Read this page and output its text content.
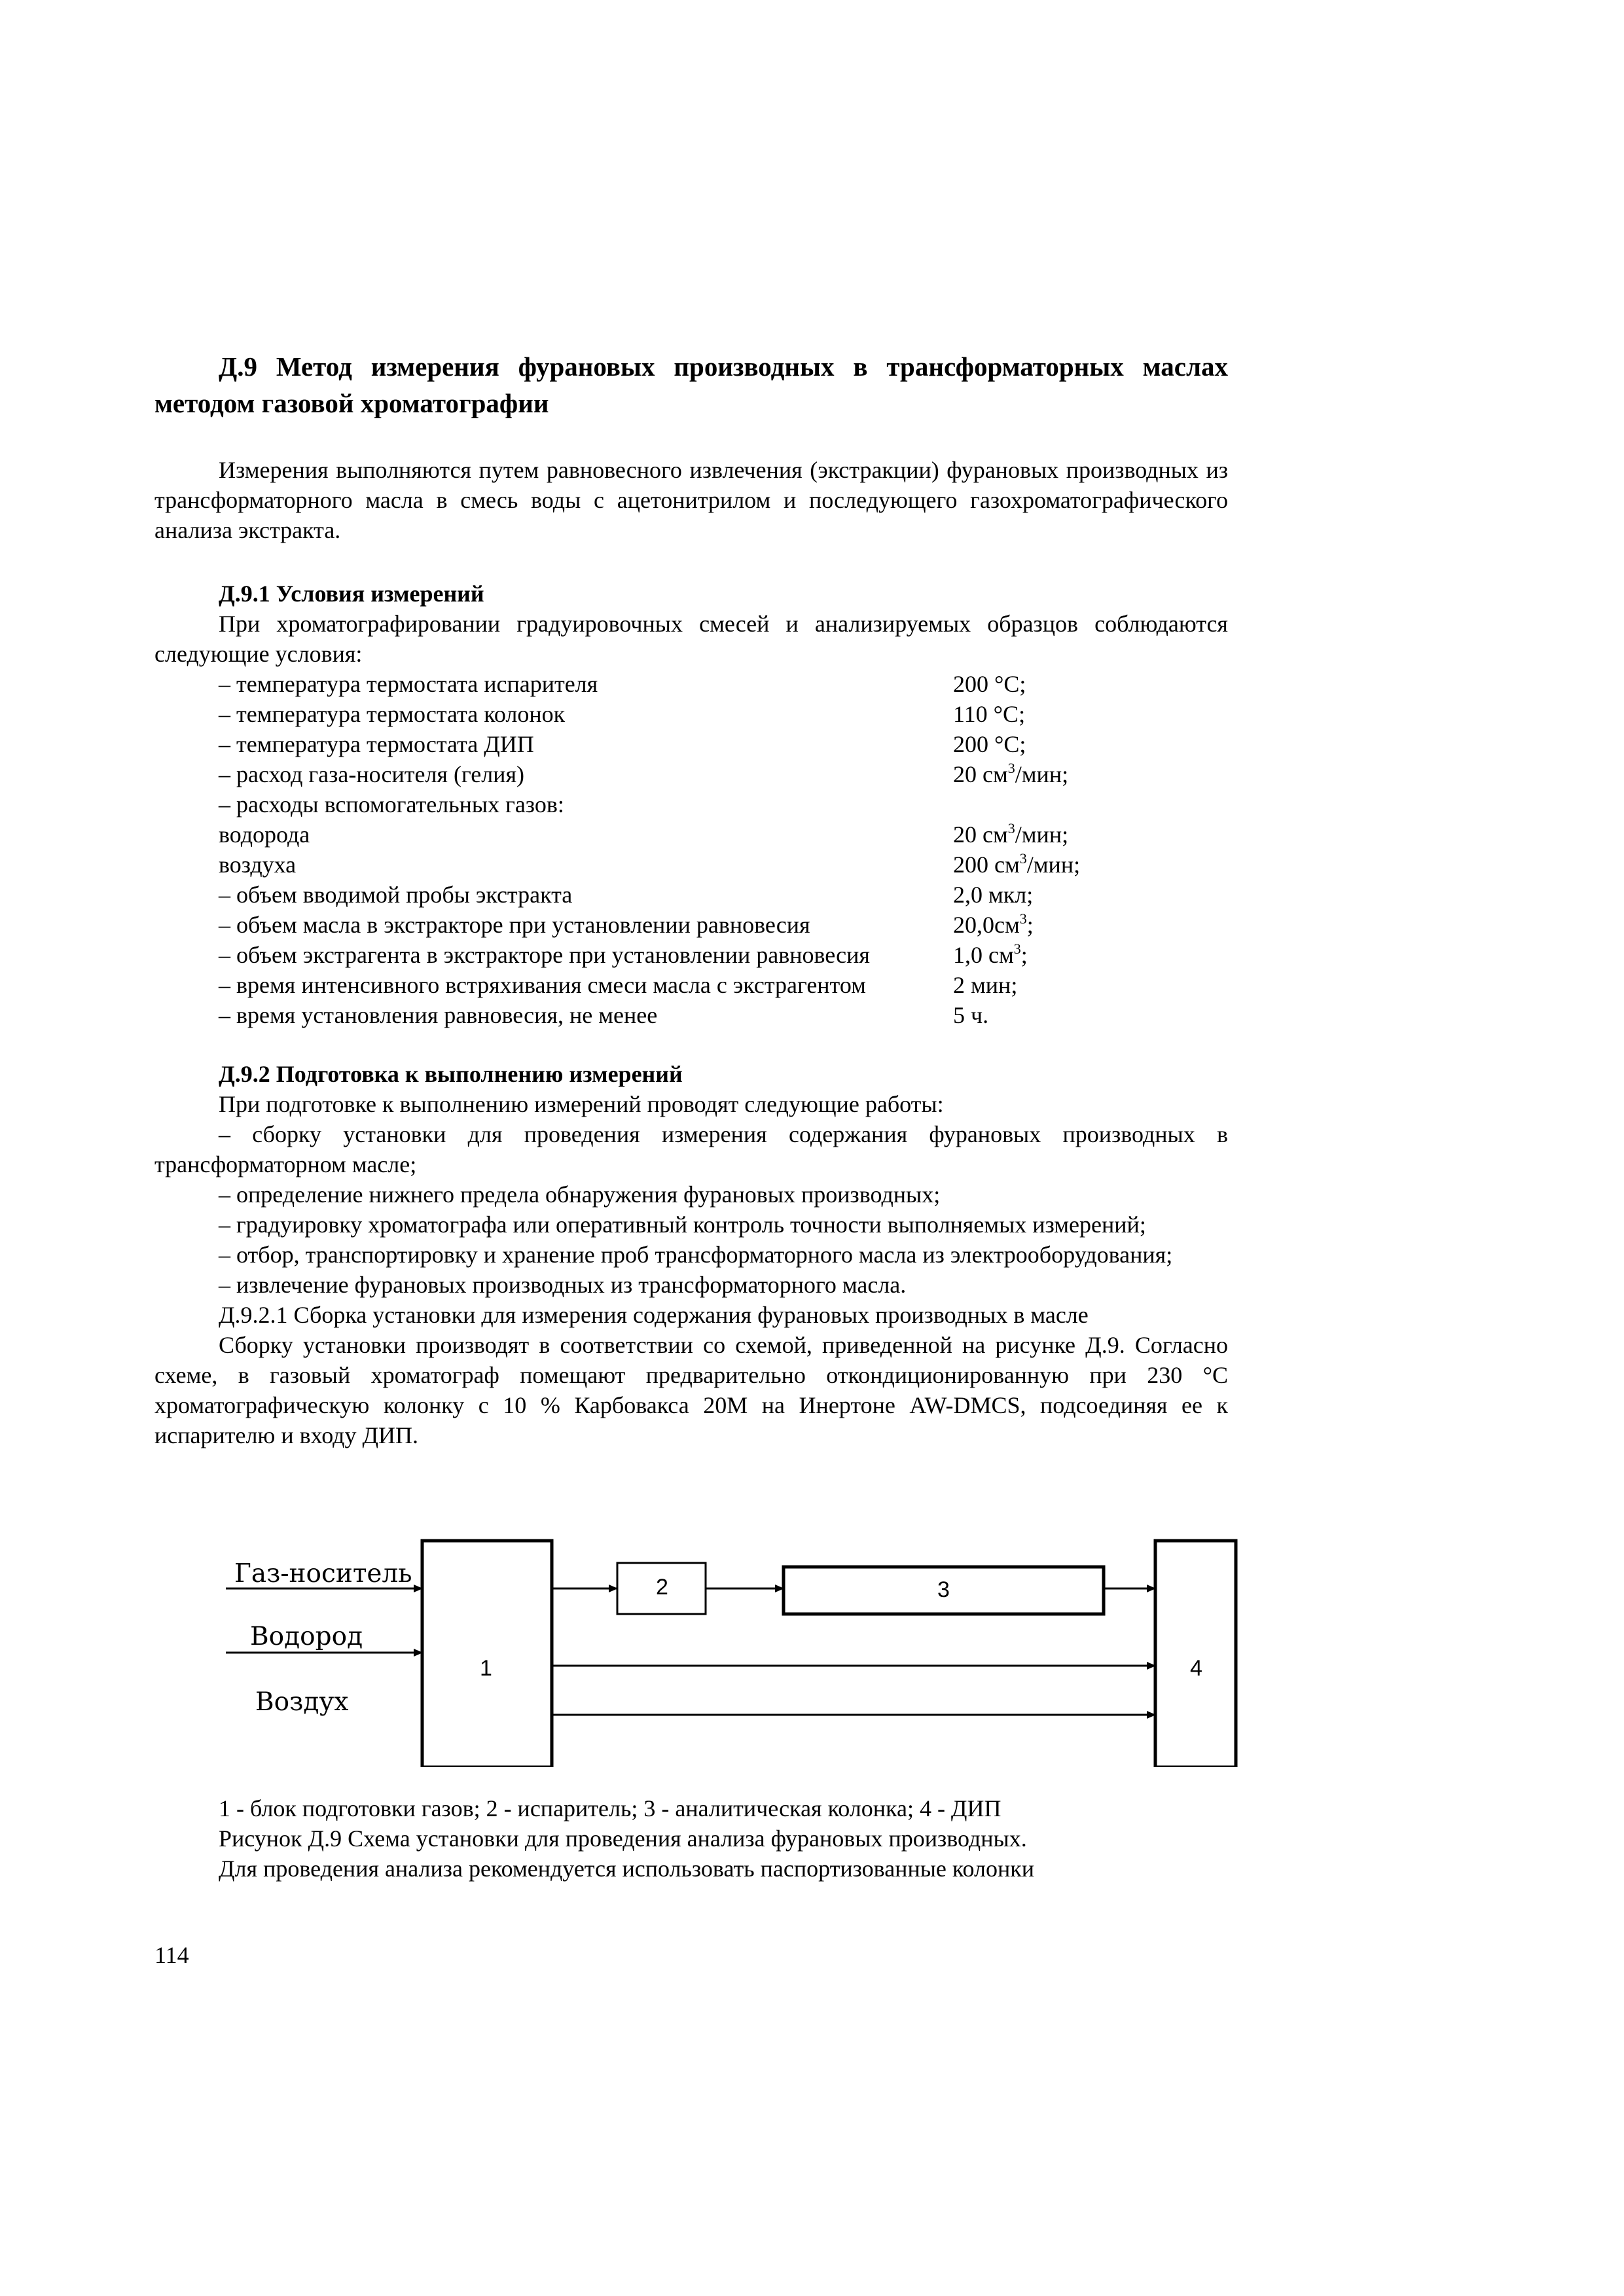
Д.9 Метод измерения фурановых производных в трансформаторных маслах методом газовой хроматографии

Измерения выполняются путем равновесного извлечения (экстракции) фурановых производных из трансформаторного масла в смесь воды с ацетонитрилом и последующего газохроматографического анализа экстракта.

Д.9.1 Условия измерений

При хроматографировании градуировочных смесей и анализируемых образцов соблюдаются следующие условия:

– температура термостата испарителя	200 °С;
– температура термостата колонок	110 °С;
– температура термостата ДИП	200 °С;
– расход газа-носителя (гелия)	20 $см^3$/мин;
– расходы вспомогательных газов:
водорода	20 $см^3$/мин;
воздуха	200 $см^3$/мин;
– объем вводимой пробы экстракта	2,0 мкл;
– объем масла в экстракторе при установлении равновесия	$20,0см^3$;
– объем экстрагента в экстракторе при установлении равновесия	1,0 $см^3$;
– время интенсивного встряхивания смеси масла с экстрагентом	2 мин;
– время установления равновесия, не менее	5 ч.

Д.9.2 Подготовка к выполнению измерений

При подготовке к выполнению измерений проводят следующие работы:

– сборку установки для проведения измерения содержания фурановых производных в трансформаторном масле;

– определение нижнего предела обнаружения фурановых производных;

– градуировку хроматографа или оперативный контроль точности выполняемых измерений;

– отбор, транспортировку и хранение проб трансформаторного масла из электрооборудования;

– извлечение фурановых производных из трансформаторного масла.

Д.9.2.1 Сборка установки для измерения содержания фурановых производных в масле

Сборку установки производят в соответствии со схемой, приведенной на рисунке Д.9. Согласно схеме, в газовый хроматограф помещают предварительно откондиционированную при 230 °С хроматографическую колонку с 10 % Карбовакса 20М на Инертоне AW-DMCS, подсоединяя ее к испарителю и входу ДИП.

Газ-носитель
Водород
Воздух
1
2	3
4

1 - блок подготовки газов; 2 - испаритель; 3 - аналитическая колонка; 4 - ДИП

Рисунок Д.9 Схема установки для проведения анализа фурановых производных.

Для проведения анализа рекомендуется использовать паспортизованные колонки

114
